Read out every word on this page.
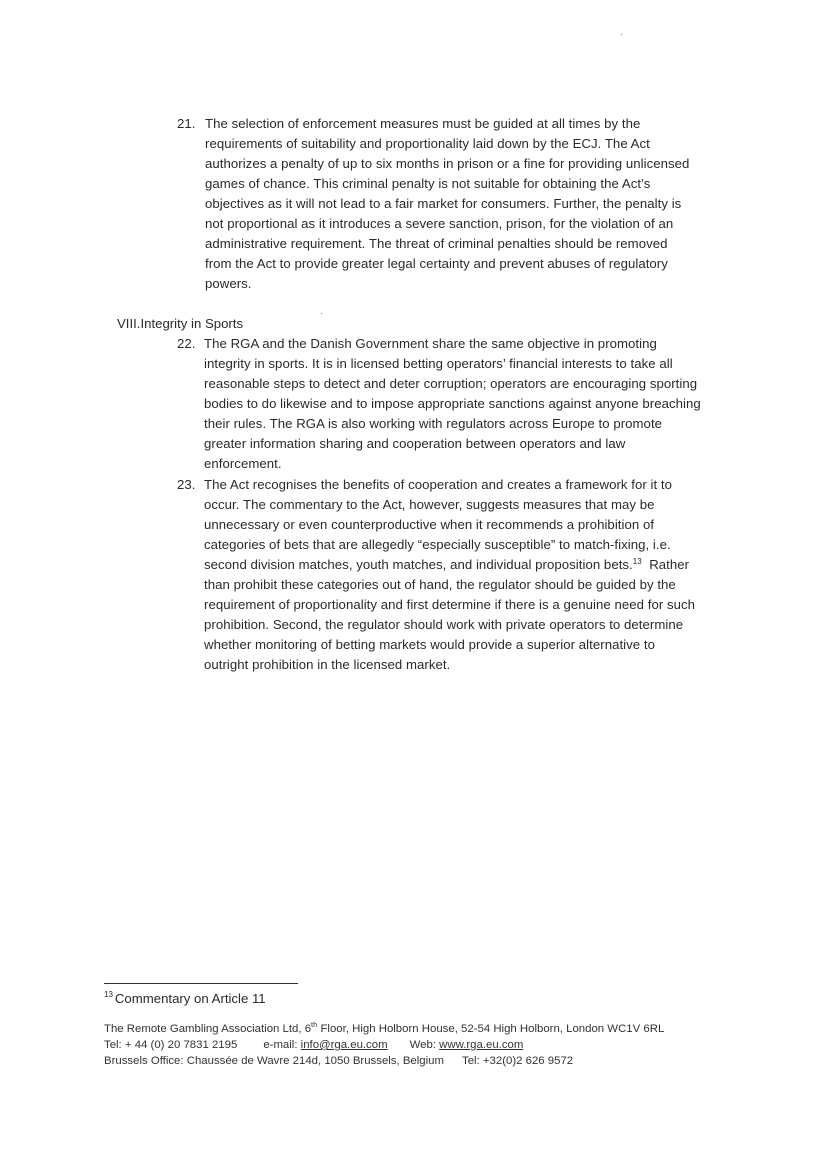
21. The selection of enforcement measures must be guided at all times by the
requirements of suitability and proportionality laid down by the ECJ. The Act
authorizes a penalty of up to six months in prison or a fine for providing unlicensed
games of chance. This criminal penalty is not suitable for obtaining the Act’s
objectives as it will not lead to a fair market for consumers. Further, the penalty is
not proportional as it introduces a severe sanction, prison, for the violation of an
administrative requirement. The threat of criminal penalties should be removed
from the Act to provide greater legal certainty and prevent abuses of regulatory
powers.
VIII.Integrity in Sports
22. The RGA and the Danish Government share the same objective in promoting
integrity in sports. It is in licensed betting operators’ financial interests to take all
reasonable steps to detect and deter corruption; operators are encouraging sporting
bodies to do likewise and to impose appropriate sanctions against anyone breaching
their rules. The RGA is also working with regulators across Europe to promote
greater information sharing and cooperation between operators and law
enforcement.
23. The Act recognises the benefits of cooperation and creates a framework for it to
occur. The commentary to the Act, however, suggests measures that may be
unnecessary or even counterproductive when it recommends a prohibition of
categories of bets that are allegedly “especially susceptible” to match-fixing, i.e.
second division matches, youth matches, and individual proposition bets.$^{13}$  Rather
than prohibit these categories out of hand, the regulator should be guided by the
requirement of proportionality and first determine if there is a genuine need for such
prohibition. Second, the regulator should work with private operators to determine
whether monitoring of betting markets would provide a superior alternative to
outright prohibition in the licensed market.
$^{13}$ Commentary on Article 11
The Remote Gambling Association Ltd, 6th Floor, High Holborn House, 52-54 High Holborn, London WC1V 6RL
Tel: + 44 (0) 20 7831 2195 e-mail: info@rga.eu.com Web: www.rga.eu.com
Brussels Office: Chaussée de Wavre 214d, 1050 Brussels, Belgium Tel: +32(0)2 626 9572
